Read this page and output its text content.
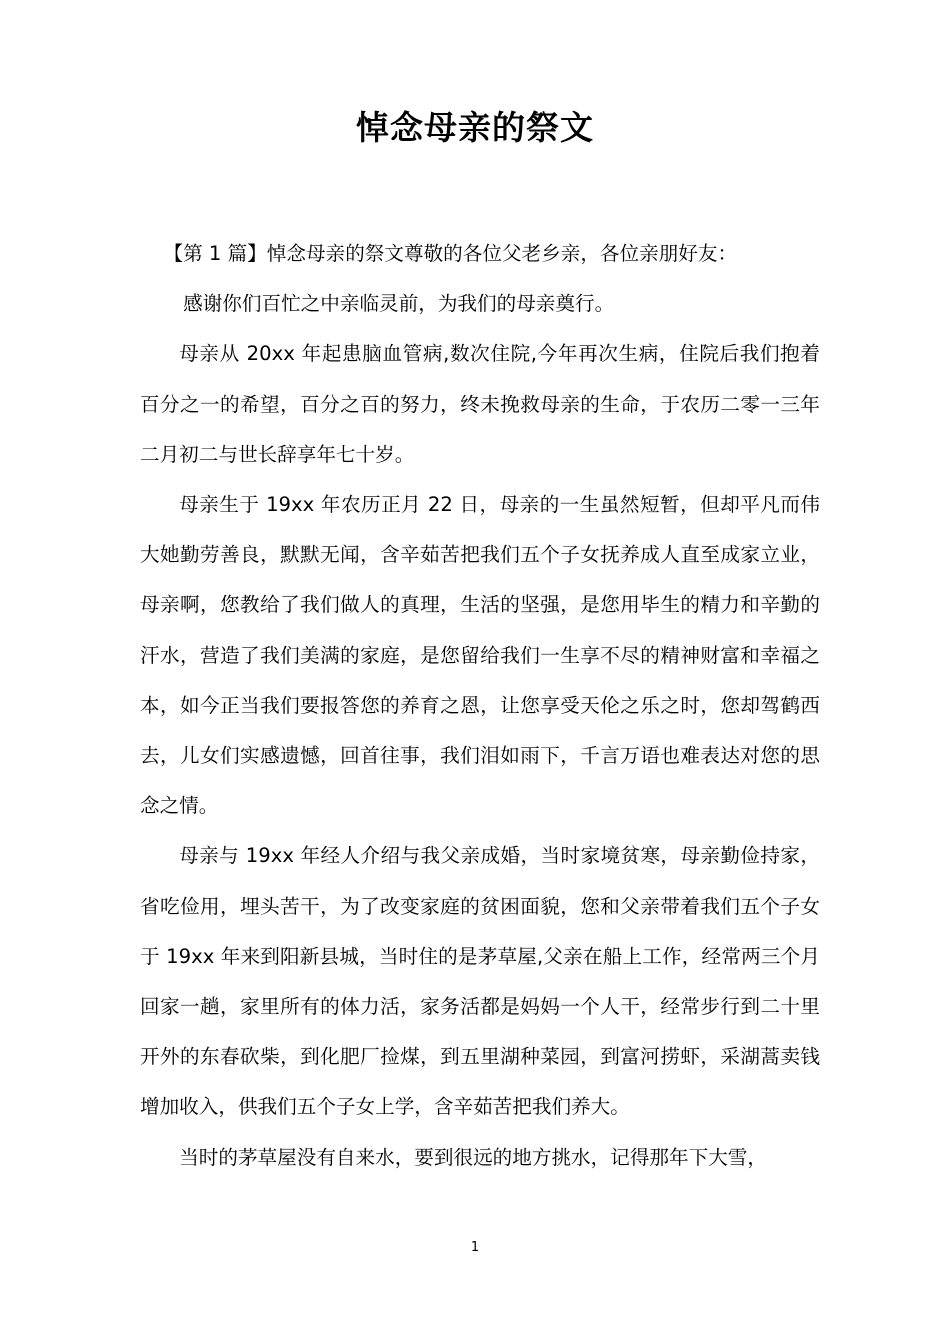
悼念母亲的祭文

【第 1 篇】悼念母亲的祭文尊敬的各位父老乡亲，各位亲朋好友：

感谢你们百忙之中亲临灵前，为我们的母亲奠行。

母亲从 20xx 年起患脑血管病,数次住院,今年再次生病，住院后我们抱着百分之一的希望，百分之百的努力，终未挽救母亲的生命，于农历二零一三年二月初二与世长辞享年七十岁。

母亲生于 19xx 年农历正月 22 日，母亲的一生虽然短暂，但却平凡而伟大她勤劳善良，默默无闻，含辛茹苦把我们五个子女抚养成人直至成家立业，母亲啊，您教给了我们做人的真理，生活的坚强，是您用毕生的精力和辛勤的汗水，营造了我们美满的家庭，是您留给我们一生享不尽的精神财富和幸福之本，如今正当我们要报答您的养育之恩，让您享受天伦之乐之时，您却驾鹤西去，儿女们实感遗憾，回首往事，我们泪如雨下，千言万语也难表达对您的思念之情。

母亲与 19xx 年经人介绍与我父亲成婚，当时家境贫寒，母亲勤俭持家，省吃俭用，埋头苦干，为了改变家庭的贫困面貌，您和父亲带着我们五个子女于 19xx 年来到阳新县城，当时住的是茅草屋,父亲在船上工作，经常两三个月回家一趟，家里所有的体力活，家务活都是妈妈一个人干，经常步行到二十里开外的东春砍柴，到化肥厂捡煤，到五里湖种菜园，到富河捞虾，采湖蒿卖钱增加收入，供我们五个子女上学，含辛茹苦把我们养大。

当时的茅草屋没有自来水，要到很远的地方挑水，记得那年下大雪，

1
